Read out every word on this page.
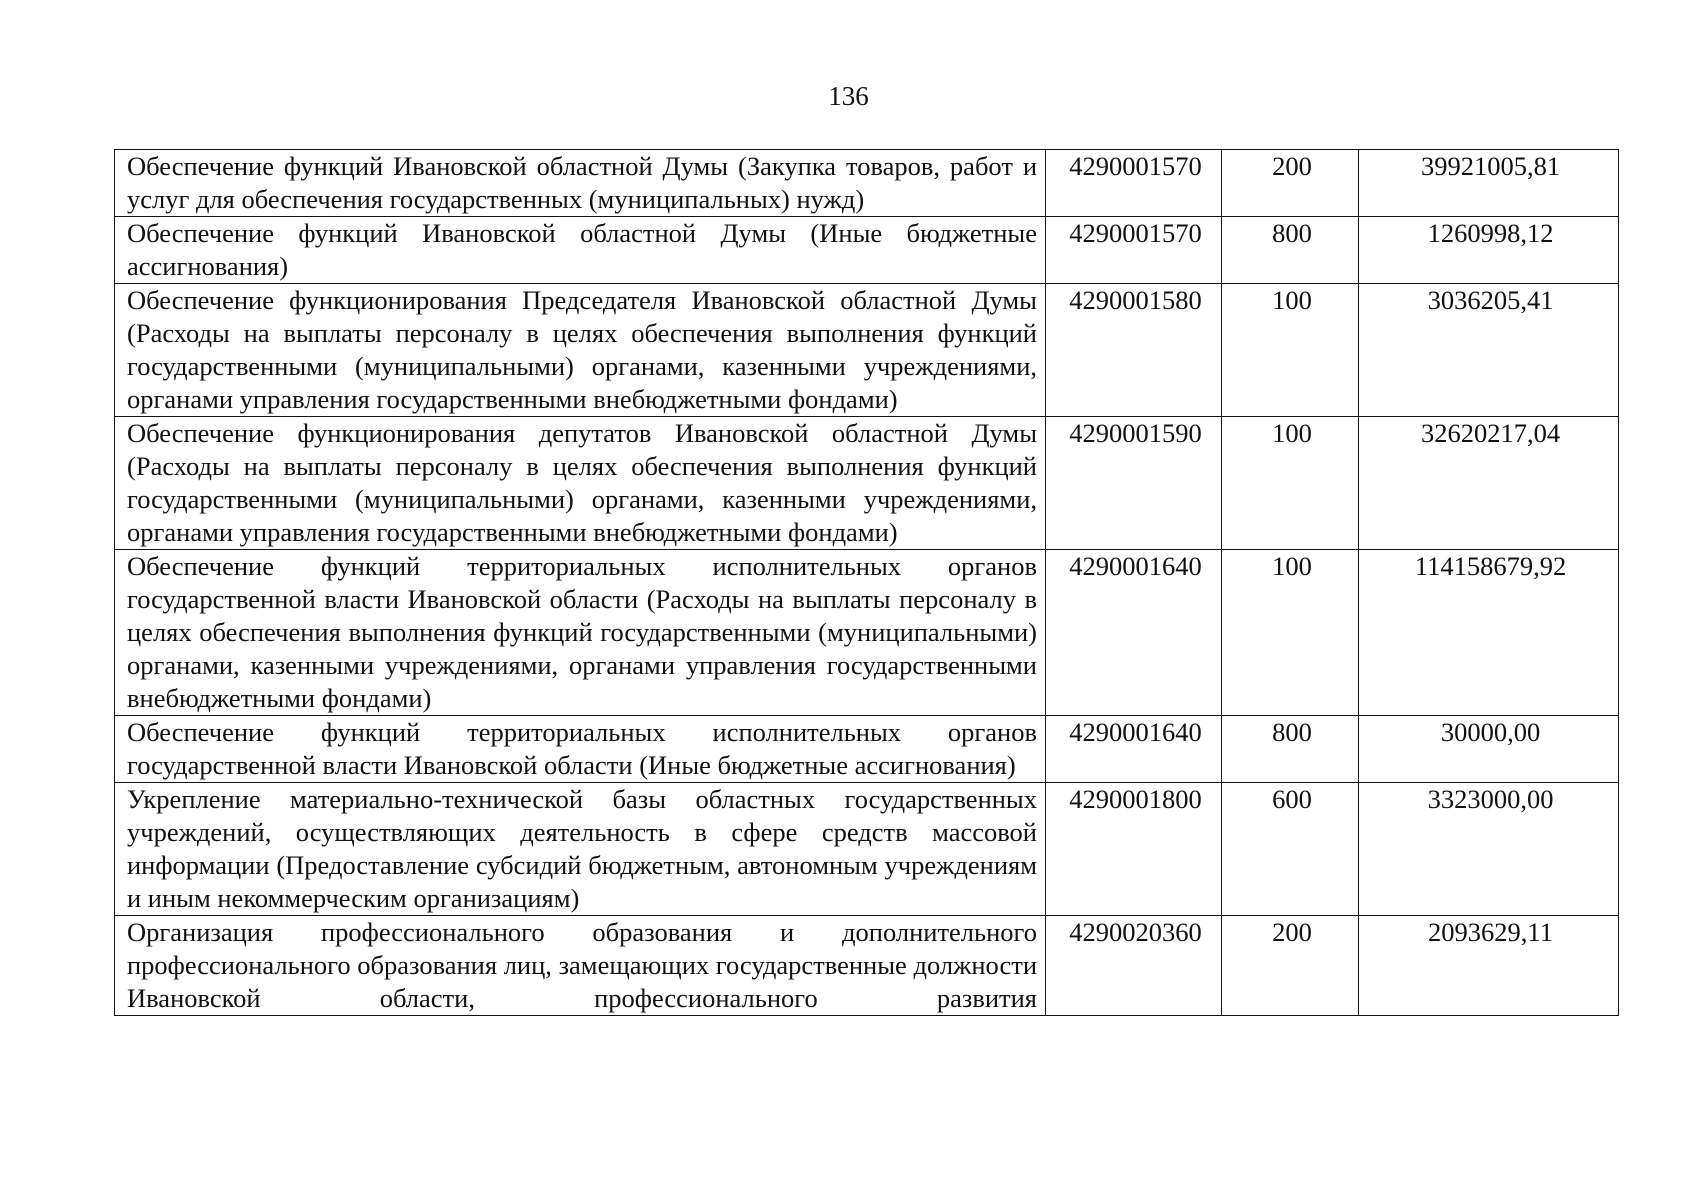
136
Обеспечение функций Ивановской областной Думы (Закупка товаров, работ и услуг для обеспечения государственных (муниципальных) нужд)	4290001570	200	39921005,81
Обеспечение функций Ивановской областной Думы (Иные бюджетные ассигнования)	4290001570	800	1260998,12
Обеспечение функционирования Председателя Ивановской областной Думы (Расходы на выплаты персоналу в целях обеспечения выполнения функций государственными (муниципальными) органами, казенными учреждениями, органами управления государственными внебюджетными фондами)	4290001580	100	3036205,41
Обеспечение функционирования депутатов Ивановской областной Думы (Расходы на выплаты персоналу в целях обеспечения выполнения функций государственными (муниципальными) органами, казенными учреждениями, органами управления государственными внебюджетными фондами)	4290001590	100	32620217,04
Обеспечение функций территориальных исполнительных органов государственной власти Ивановской области (Расходы на выплаты персоналу в целях обеспечения выполнения функций государственными (муниципальными) органами, казенными учреждениями, органами управления государственными внебюджетными фондами)	4290001640	100	114158679,92
Обеспечение функций территориальных исполнительных органов государственной власти Ивановской области (Иные бюджетные ассигнования)	4290001640	800	30000,00
Укрепление материально-технической базы областных государственных учреждений, осуществляющих деятельность в сфере средств массовой информации (Предоставление субсидий бюджетным, автономным учреждениям и иным некоммерческим организациям)	4290001800	600	3323000,00
Организация профессионального образования и дополнительного профессионального образования лиц, замещающих государственные должности Ивановской области, профессионального развития	4290020360	200	2093629,11
